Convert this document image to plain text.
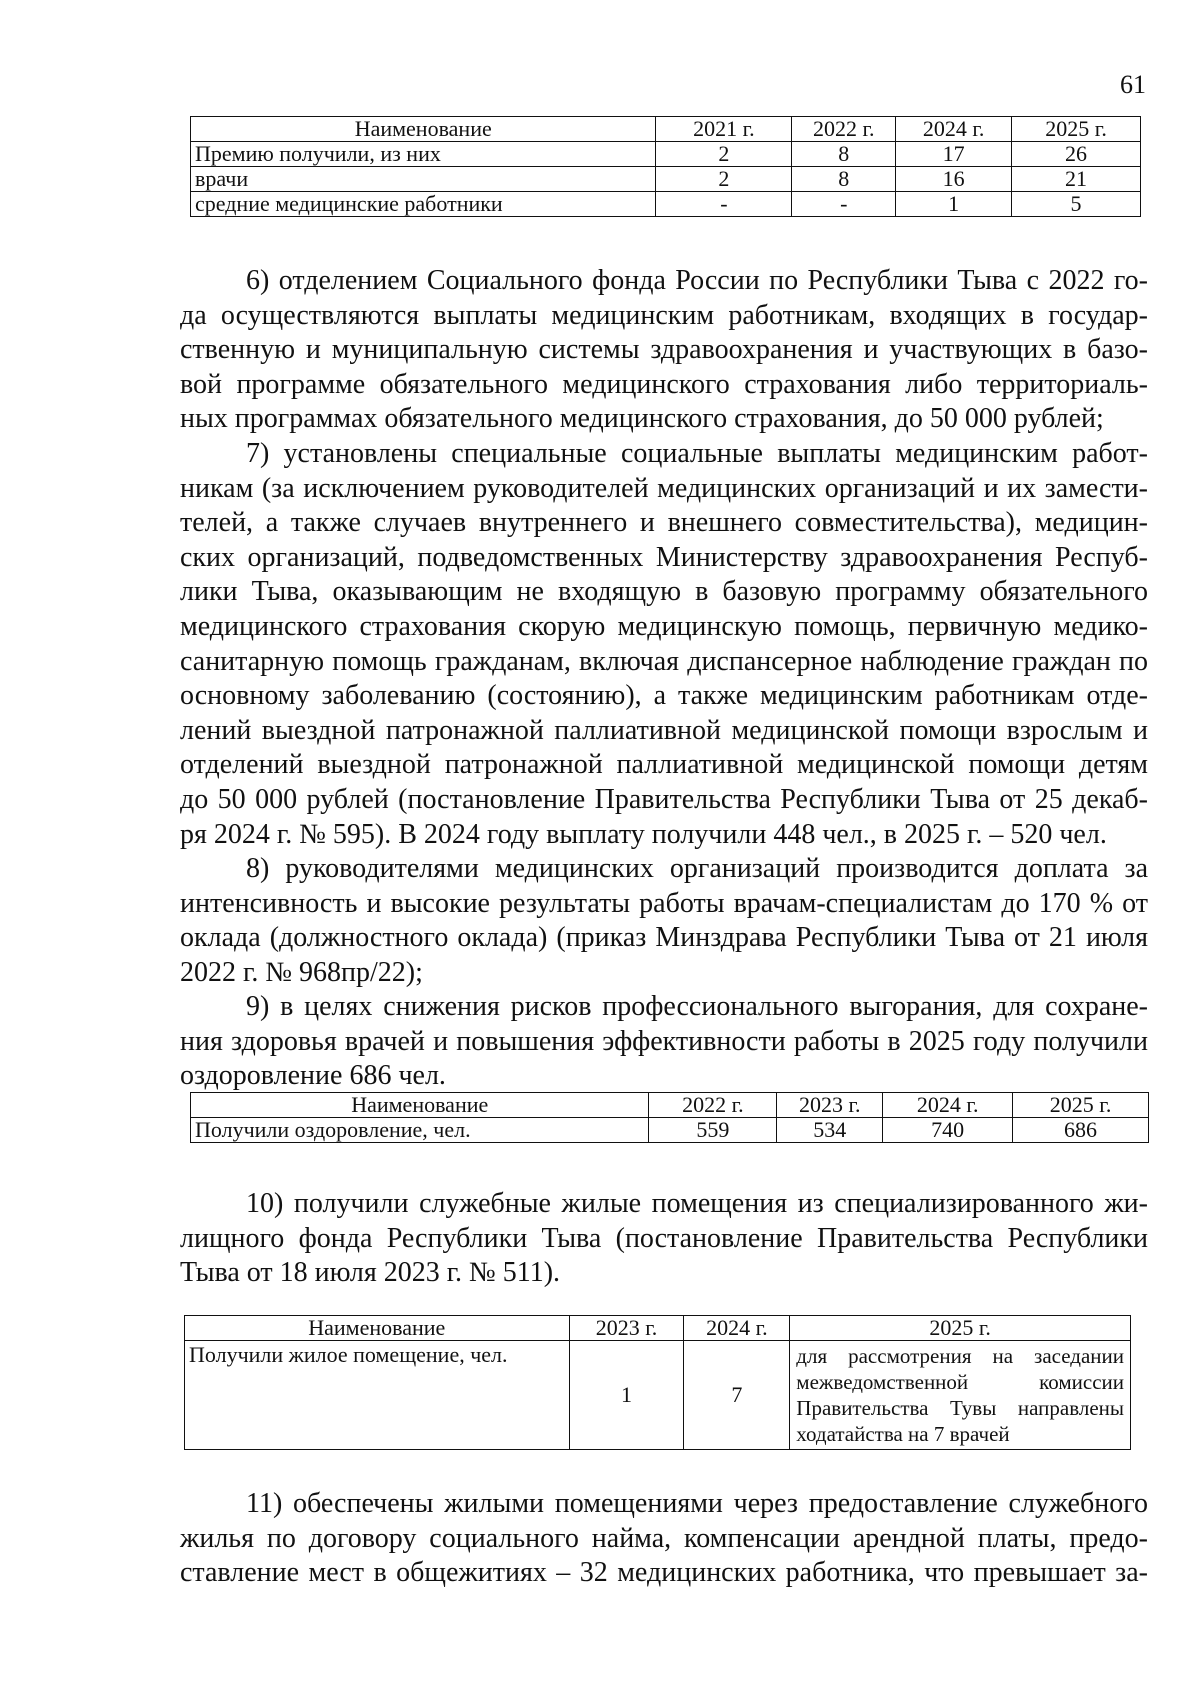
61
Наименование	2021 г.	2022 г.	2024 г.	2025 г.
Премию получили, из них	2	8	17	26
врачи	2	8	16	21
средние медицинские работники	-	-	1	5
6) отделением Социального фонда России по Республики Тыва с 2022 го-
да осуществляются выплаты медицинским работникам, входящих в государ-
ственную и муниципальную системы здравоохранения и участвующих в базо-
вой программе обязательного медицинского страхования либо территориаль-
ных программах обязательного медицинского страхования, до 50 000 рублей;
7) установлены специальные социальные выплаты медицинским работ-
никам (за исключением руководителей медицинских организаций и их замести-
телей, а также случаев внутреннего и внешнего совместительства), медицин-
ских организаций, подведомственных Министерству здравоохранения Респуб-
лики Тыва, оказывающим не входящую в базовую программу обязательного
медицинского страхования скорую медицинскую помощь, первичную медико-
санитарную помощь гражданам, включая диспансерное наблюдение граждан по
основному заболеванию (состоянию), а также медицинским работникам отде-
лений выездной патронажной паллиативной медицинской помощи взрослым и
отделений выездной патронажной паллиативной медицинской помощи детям
до 50 000 рублей (постановление Правительства Республики Тыва от 25 декаб-
ря 2024 г. № 595). В 2024 году выплату получили 448 чел., в 2025 г. – 520 чел.
8) руководителями медицинских организаций производится доплата за
интенсивность и высокие результаты работы врачам-специалистам до 170 % от
оклада (должностного оклада) (приказ Минздрава Республики Тыва от 21 июля
2022 г. № 968пр/22);
9) в целях снижения рисков профессионального выгорания, для сохране-
ния здоровья врачей и повышения эффективности работы в 2025 году получили
оздоровление 686 чел.
Наименование	2022 г.	2023 г.	2024 г.	2025 г.
Получили оздоровление, чел.	559	534	740	686
10) получили служебные жилые помещения из специализированного жи-
лищного фонда Республики Тыва (постановление Правительства Республики
Тыва от 18 июля 2023 г. № 511).
Наименование	2023 г.	2024 г.	2025 г.
Получили жилое помещение, чел.	1	7	для рассмотрения на заседании
межведомственной комиссии
Правительства Тувы направлены
ходатайства на 7 врачей
11) обеспечены жилыми помещениями через предоставление служебного
жилья по договору социального найма, компенсации арендной платы, предо-
ставление мест в общежитиях – 32 медицинских работника, что превышает за-
